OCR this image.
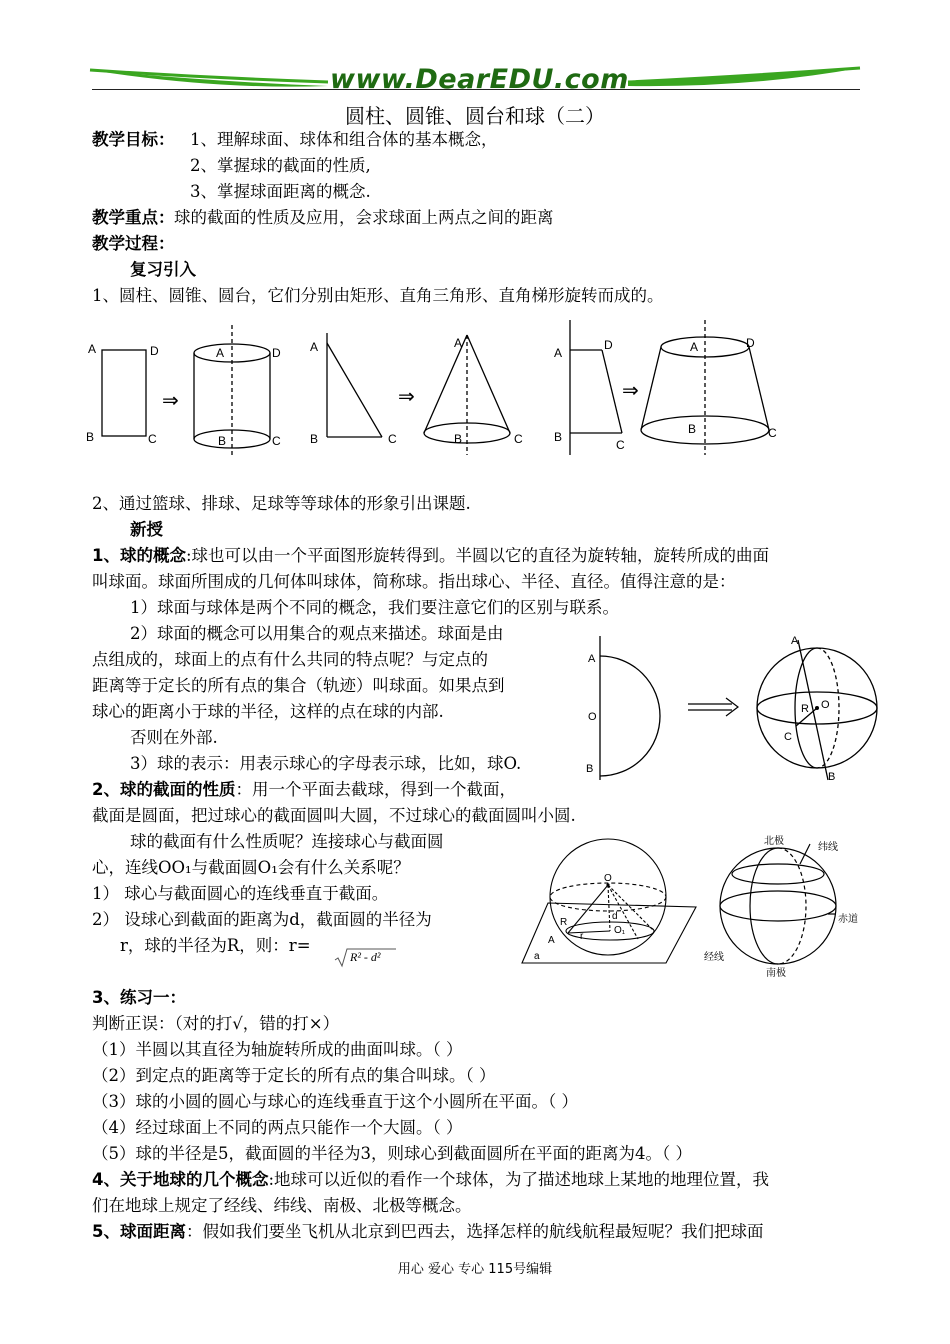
www.DearEDU.com
圆柱、圆锥、圆台和球（二）
教学目标： 1、理解球面、球体和组合体的基本概念，
2、掌握球的截面的性质,
3、掌握球面距离的概念.
教学重点： 球的截面的性质及应用，会求球面上两点之间的距离
教学过程：
复习引入
1、圆柱、圆锥、圆台，它们分别由矩形、直角三角形、直角梯形旋转而成的。
A	D
B	C
⇒
A	D
B	C
A
B	C
⇒
A
B	C
A
D
B
C
⇒
A	D
B	C
2、通过篮球、排球、足球等等球体的形象引出课题.
新授
1、球的概念:球也可以由一个平面图形旋转得到。半圆以它的直径为旋转轴，旋转所成的曲面
叫球面。球面所围成的几何体叫球体，简称球。指出球心、半径、直径。值得注意的是：
1）球面与球体是两个不同的概念，我们要注意它们的区别与联系。
2）球面的概念可以用集合的观点来描述。球面是由
点组成的，球面上的点有什么共同的特点呢？与定点的
距离等于定长的所有点的集合（轨迹）叫球面。如果点到
球心的距离小于球的半径，这样的点在球的内部.
否则在外部.
3）球的表示：用表示球心的字母表示球，比如，球O.
A
O
B
A
R O
C
B
2、球的截面的性质：用一个平面去截球，得到一个截面，
截面是圆面，把过球心的截面圆叫大圆，不过球心的截面圆叫小圆.
球的截面有什么性质呢？连接球心与截面圆
心，连线OO₁与截面圆O₁会有什么关系呢？
1） 球心与截面圆心的连线垂直于截面。
2） 设球心到截面的距离为d，截面圆的半径为
r，球的半径为R，则：r=
R² - d²
O
R
d
r
O₁
A
a
北极
纬线
赤道
经线
南极
3、练习一：
判断正误：（对的打√，错的打×）
（1）半圆以其直径为轴旋转所成的曲面叫球。（ ）
（2）到定点的距离等于定长的所有点的集合叫球。（ ）
（3）球的小圆的圆心与球心的连线垂直于这个小圆所在平面。（ ）
（4）经过球面上不同的两点只能作一个大圆。（ ）
（5）球的半径是5，截面圆的半径为3，则球心到截面圆所在平面的距离为4。（ ）
4、关于地球的几个概念:地球可以近似的看作一个球体，为了描述地球上某地的地理位置，我
们在地球上规定了经线、纬线、南极、北极等概念。
5、球面距离：假如我们要坐飞机从北京到巴西去，选择怎样的航线航程最短呢？我们把球面
用心 爱心 专心 115号编辑
